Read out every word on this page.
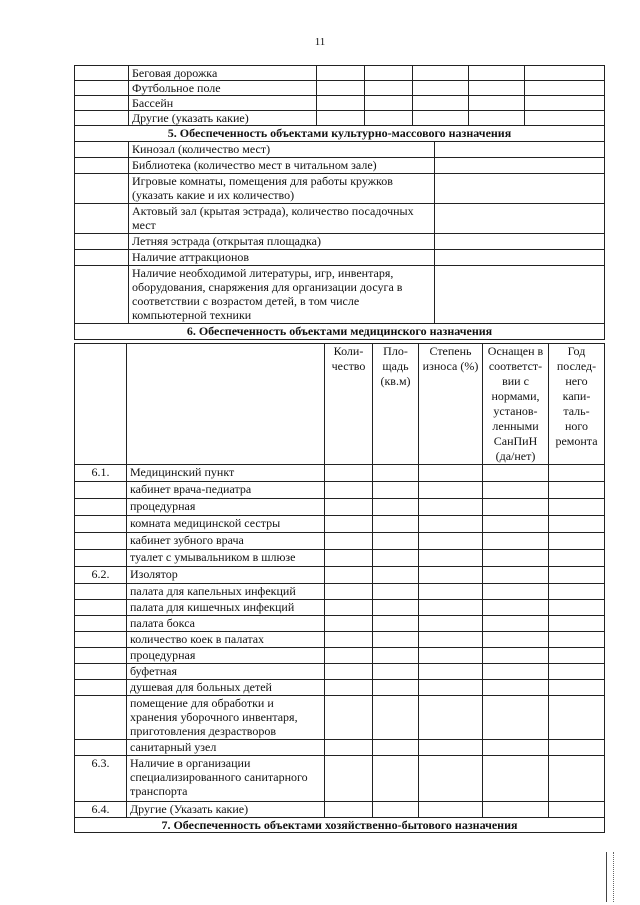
11
	Беговая дорожка					
	Футбольное поле					
	Бассейн					
	Другие (указать какие)					
5. Обеспеченность объектами культурно-массового назначения						
	Кинозал (количество мест)	
	Библиотека (количество мест в читальном зале)	
	Игровые комнаты, помещения для работы кружков (указать какие и их количество)	
	Актовый зал (крытая эстрада), количество посадочных мест	
	Летняя эстрада (открытая площадка)	
	Наличие аттракционов	
	Наличие необходимой литературы, игр, инвентаря, оборудования, снаряжения для организации досуга в соответствии с возрастом детей, в том числе компьютерной техники	
6. Обеспеченность объектами медицинского назначения		
		Коли-чество	Пло-щадь (кв.м)	Степень износа (%)	Оснащен в соответст-вии с нормами, установ-ленными СанПиН (да/нет)	Год послед-него капи-таль-ного ремонта
6.1.	Медицинский пункт					
	кабинет врача-педиатра					
	процедурная					
	комната медицинской сестры					
	кабинет зубного врача					
	туалет с умывальником в шлюзе					
6.2.	Изолятор					
	палата для капельных инфекций					
	палата для кишечных инфекций					
	палата бокса					
	количество коек в палатах					
	процедурная					
	буфетная					
	душевая для больных детей					
	помещение для обработки и хранения уборочного инвентаря, приготовления дезрастворов					
	санитарный узел					
6.3.	Наличие в организации специализированного санитарного транспорта					
6.4.	Другие (Указать какие)					
7. Обеспеченность объектами хозяйственно-бытового назначения						
